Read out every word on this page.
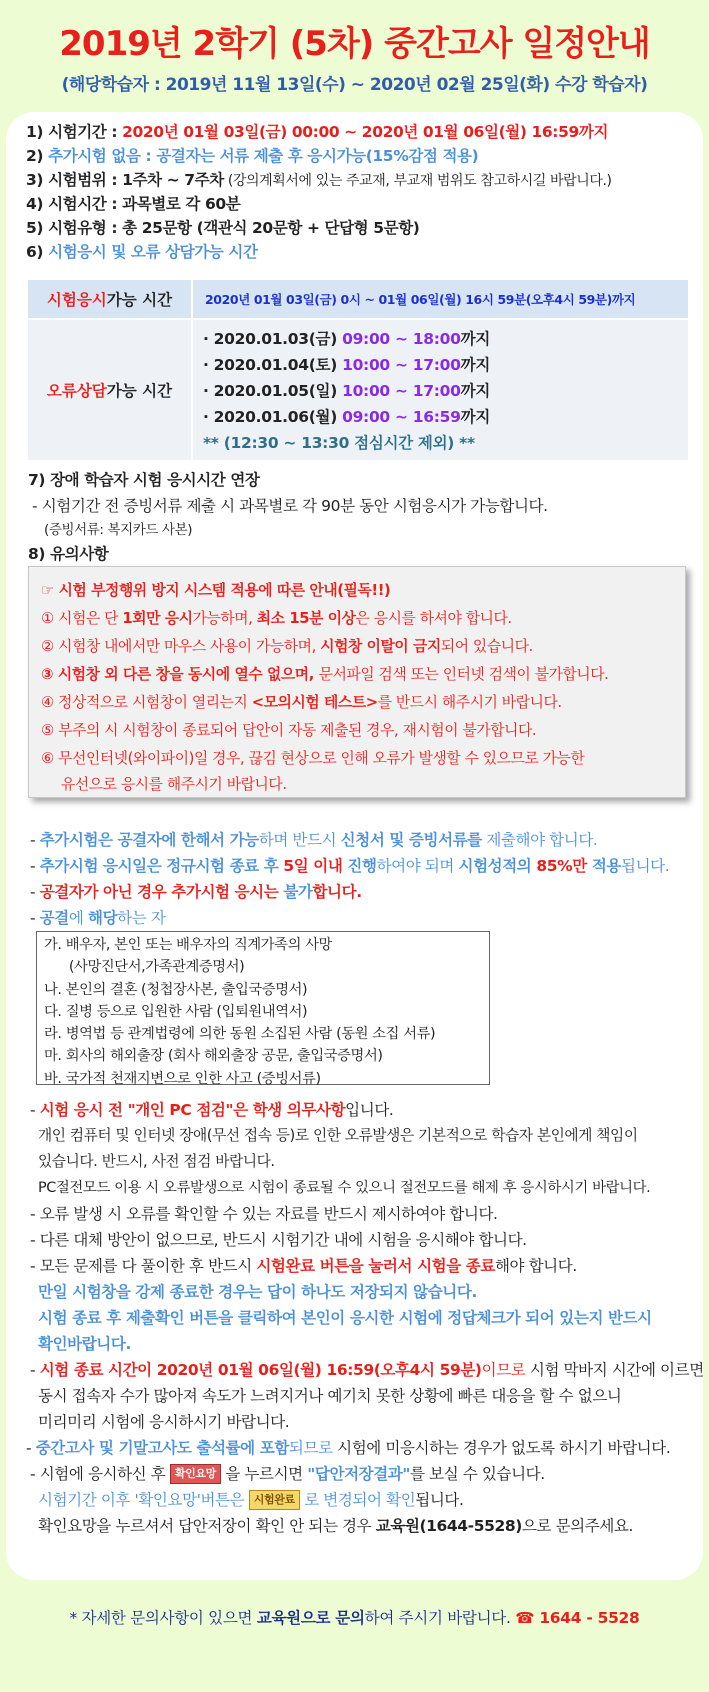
2019년 2학기 (5차) 중간고사 일정안내
(해당학습자 : 2019년 11월 13일(수) ~ 2020년 02월 25일(화) 수강 학습자)
1) 시험기간 : 2020년 01월 03일(금) 00:00 ~ 2020년 01월 06일(월) 16:59까지
2) 추가시험 없음 : 공결자는 서류 제출 후 응시가능(15%감점 적용)
3) 시험범위 : 1주차 ~ 7주차 (강의계획서에 있는 주교재, 부교재 범위도 참고하시길 바랍니다.)
4) 시험시간 : 과목별로 각 60분
5) 시험유형 : 총 25문항 (객관식 20문항 + 단답형 5문항)
6) 시험응시 및 오류 상담가능 시간
시험응시 가능 시간	2020년 01월 03일(금) 0시 ~ 01월 06일(월) 16시 59분(오후4시 59분)까지
오류상담 가능 시간
· 2020.01.03(금) 09:00 ~ 18:00까지
· 2020.01.04(토) 10:00 ~ 17:00까지
· 2020.01.05(일) 10:00 ~ 17:00까지
· 2020.01.06(월) 09:00 ~ 16:59까지
** (12:30 ~ 13:30 점심시간 제외) **
7) 장애 학습자 시험 응시시간 연장
- 시험기간 전 증빙서류 제출 시 과목별로 각 90분 동안 시험응시가 가능합니다.
(증빙서류: 복지카드 사본)
8) 유의사항
☞ 시험 부정행위 방지 시스템 적용에 따른 안내(필독!!)
① 시험은 단 1회만 응시가능하며, 최소 15분 이상은 응시를 하셔야 합니다.
② 시험창 내에서만 마우스 사용이 가능하며, 시험창 이탈이 금지되어 있습니다.
③ 시험창 외 다른 창을 동시에 열수 없으며, 문서파일 검색 또는 인터넷 검색이 불가합니다.
④ 정상적으로 시험창이 열리는지 <모의시험 테스트>를 반드시 해주시기 바랍니다.
⑤ 부주의 시 시험창이 종료되어 답안이 자동 제출된 경우, 재시험이 불가합니다.
⑥ 무선인터넷(와이파이)일 경우, 끊김 현상으로 인해 오류가 발생할 수 있으므로 가능한
유선으로 응시를 해주시기 바랍니다.
- 추가시험은 공결자에 한해서 가능하며 반드시 신청서 및 증빙서류를 제출해야 합니다.
- 추가시험 응시일은 정규시험 종료 후 5일 이내 진행하여야 되며 시험성적의 85%만 적용됩니다.
- 공결자가 아닌 경우 추가시험 응시는 불가합니다.
- 공결에 해당하는 자
가. 배우자, 본인 또는 배우자의 직계가족의 사망
(사망진단서,가족관계증명서)
나. 본인의 결혼 (청첩장사본, 출입국증명서)
다. 질병 등으로 입원한 사람 (입퇴원내역서)
라. 병역법 등 관계법령에 의한 동원 소집된 사람 (동원 소집 서류)
마. 회사의 해외출장 (회사 해외출장 공문, 출입국증명서)
바. 국가적 천재지변으로 인한 사고 (증빙서류)
- 시험 응시 전 "개인 PC 점검"은 학생 의무사항입니다.
개인 컴퓨터 및 인터넷 장애(무선 접속 등)로 인한 오류발생은 기본적으로 학습자 본인에게 책임이
있습니다. 반드시, 사전 점검 바랍니다.
PC절전모드 이용 시 오류발생으로 시험이 종료될 수 있으니 절전모드를 해제 후 응시하시기 바랍니다.
- 오류 발생 시 오류를 확인할 수 있는 자료를 반드시 제시하여야 합니다.
- 다른 대체 방안이 없으므로, 반드시 시험기간 내에 시험을 응시해야 합니다.
- 모든 문제를 다 풀이한 후 반드시 시험완료 버튼을 눌러서 시험을 종료해야 합니다.
만일 시험창을 강제 종료한 경우는 답이 하나도 저장되지 않습니다.
시험 종료 후 제출확인 버튼을 클릭하여 본인이 응시한 시험에 정답체크가 되어 있는지 반드시
확인바랍니다.
- 시험 종료 시간이 2020년 01월 06일(월) 16:59(오후4시 59분)이므로 시험 막바지 시간에 이르면
동시 접속자 수가 많아져 속도가 느려지거나 예기치 못한 상황에 빠른 대응을 할 수 없으니
미리미리 시험에 응시하시기 바랍니다.
- 중간고사 및 기말고사도 출석률에 포함되므로 시험에 미응시하는 경우가 없도록 하시기 바랍니다.
- 시험에 응시하신 후 확인요망 을 누르시면 "답안저장결과"를 보실 수 있습니다.
시험기간 이후 '확인요망'버튼은 시험완료 로 변경되어 확인됩니다.
확인요망을 누르셔서 답안저장이 확인 안 되는 경우 교육원(1644-5528)으로 문의주세요.
* 자세한 문의사항이 있으면 교육원으로 문의하여 주시기 바랍니다. ☎ 1644 - 5528
